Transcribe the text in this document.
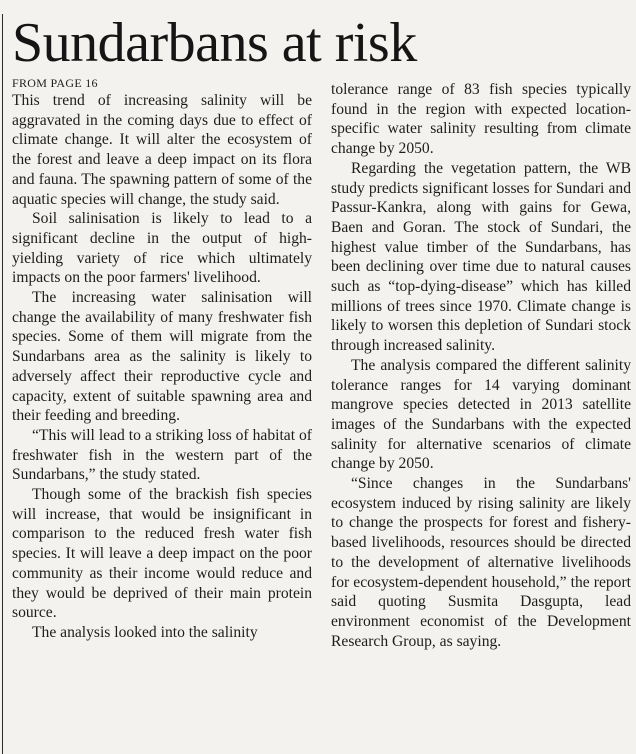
Sundarbans at risk
FROM PAGE 16

This trend of increasing salinity will be aggravated in the coming days due to effect of climate change. It will alter the ecosystem of the forest and leave a deep impact on its flora and fauna. The spawning pattern of some of the aquatic species will change, the study said.

Soil salinisation is likely to lead to a significant decline in the output of high-yielding variety of rice which ultimately impacts on the poor farmers' livelihood.

The increasing water salinisation will change the availability of many freshwater fish species. Some of them will migrate from the Sundarbans area as the salinity is likely to adversely affect their reproductive cycle and capacity, extent of suitable spawning area and their feeding and breeding.

“This will lead to a striking loss of habitat of freshwater fish in the western part of the Sundarbans,” the study stated.

Though some of the brackish fish species will increase, that would be insignificant in comparison to the reduced fresh water fish species. It will leave a deep impact on the poor community as their income would reduce and they would be deprived of their main protein source.

The analysis looked into the salinity

tolerance range of 83 fish species typically found in the region with expected location-specific water salinity resulting from climate change by 2050.

Regarding the vegetation pattern, the WB study predicts significant losses for Sundari and Passur-Kankra, along with gains for Gewa, Baen and Goran. The stock of Sundari, the highest value timber of the Sundarbans, has been declining over time due to natural causes such as “top-dying-disease” which has killed millions of trees since 1970. Climate change is likely to worsen this depletion of Sundari stock through increased salinity.

The analysis compared the different salinity tolerance ranges for 14 varying dominant mangrove species detected in 2013 satellite images of the Sundarbans with the expected salinity for alternative scenarios of climate change by 2050.

“Since changes in the Sundarbans' ecosystem induced by rising salinity are likely to change the prospects for forest and fishery-based livelihoods, resources should be directed to the development of alternative livelihoods for ecosystem-dependent household,” the report said quoting Susmita Dasgupta, lead environment economist of the Development Research Group, as saying.
